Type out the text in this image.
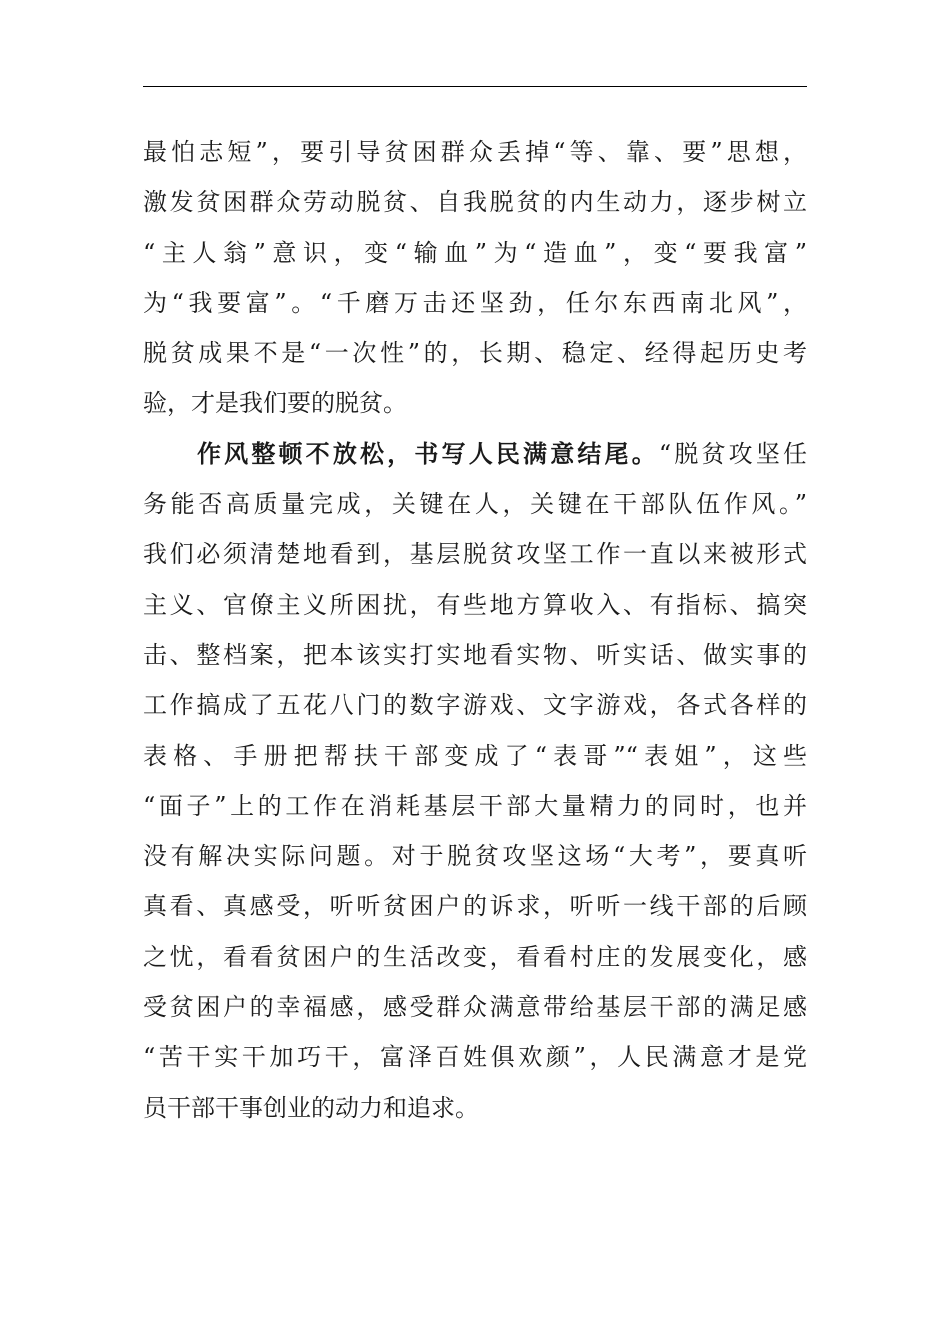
最怕志短”，要引导贫困群众丢掉“等、靠、要”思想，
激发贫困群众劳动脱贫、自我脱贫的内生动力，逐步树立
“主人翁”意识，变“输血”为“造血”，变“要我富”
为“我要富”。“千磨万击还坚劲，任尔东西南北风”，
脱贫成果不是“一次性”的，长期、稳定、经得起历史考
验，才是我们要的脱贫。
作风整顿不放松，书写人民满意结尾。“脱贫攻坚任
务能否高质量完成，关键在人，关键在干部队伍作风。”
我们必须清楚地看到，基层脱贫攻坚工作一直以来被形式
主义、官僚主义所困扰，有些地方算收入、有指标、搞突
击、整档案，把本该实打实地看实物、听实话、做实事的
工作搞成了五花八门的数字游戏、文字游戏，各式各样的
表格、手册把帮扶干部变成了“表哥”“表姐”，这些
“面子”上的工作在消耗基层干部大量精力的同时，也并
没有解决实际问题。对于脱贫攻坚这场“大考”，要真听
真看、真感受，听听贫困户的诉求，听听一线干部的后顾
之忧，看看贫困户的生活改变，看看村庄的发展变化，感
受贫困户的幸福感，感受群众满意带给基层干部的满足感
“苦干实干加巧干，富泽百姓俱欢颜”，人民满意才是党
员干部干事创业的动力和追求。
